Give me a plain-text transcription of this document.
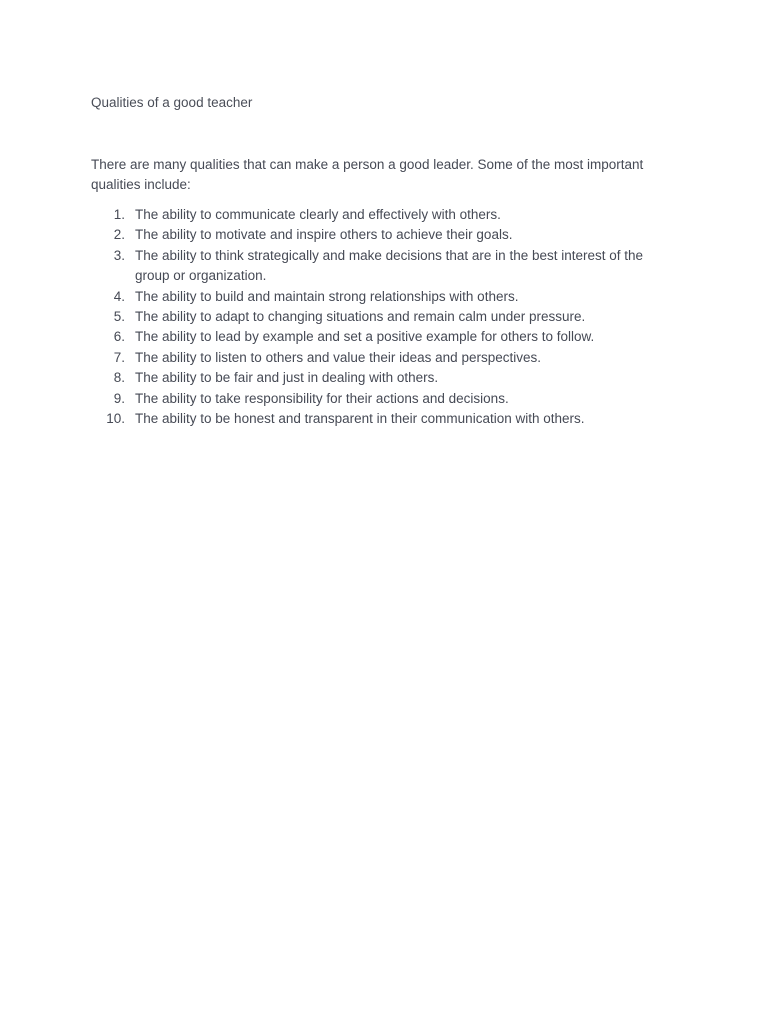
Qualities of a good teacher
There are many qualities that can make a person a good leader. Some of the most important qualities include:
1. The ability to communicate clearly and effectively with others.
2. The ability to motivate and inspire others to achieve their goals.
3. The ability to think strategically and make decisions that are in the best interest of the group or organization.
4. The ability to build and maintain strong relationships with others.
5. The ability to adapt to changing situations and remain calm under pressure.
6. The ability to lead by example and set a positive example for others to follow.
7. The ability to listen to others and value their ideas and perspectives.
8. The ability to be fair and just in dealing with others.
9. The ability to take responsibility for their actions and decisions.
10. The ability to be honest and transparent in their communication with others.
